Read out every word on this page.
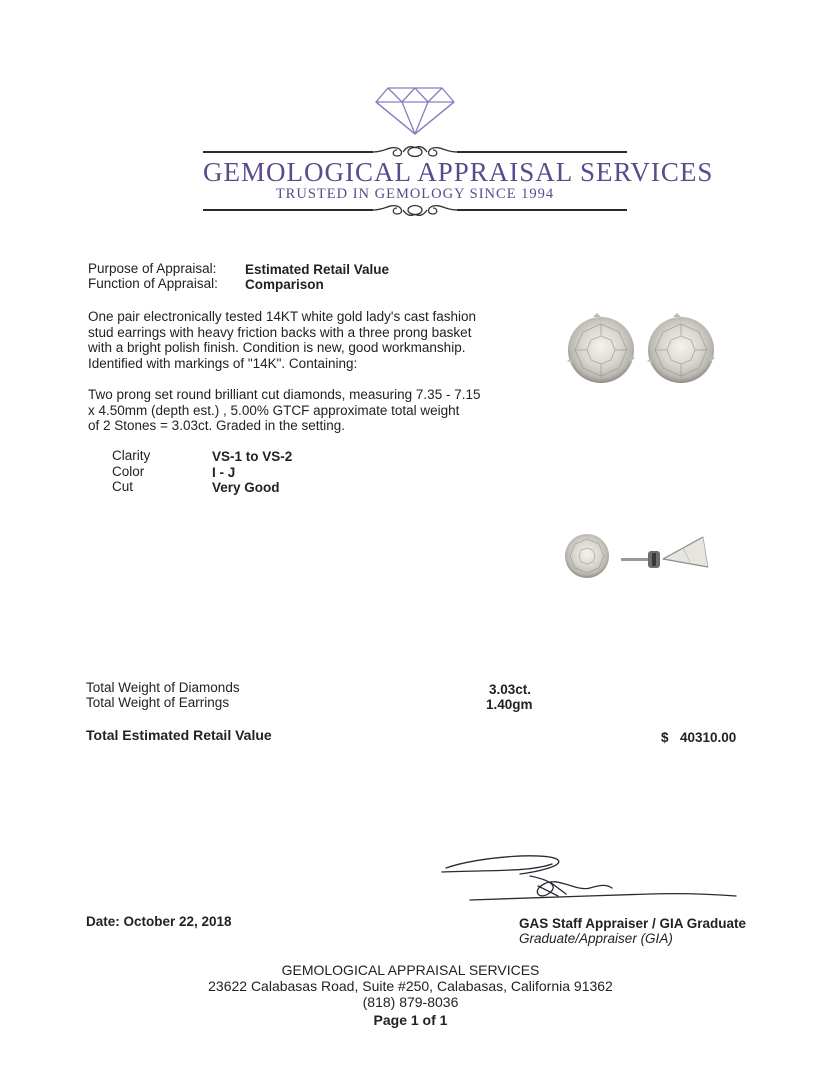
GEMOLOGICAL APPRAISAL SERVICES
TRUSTED IN GEMOLOGY SINCE 1994
Purpose of Appraisal: Estimated Retail Value
Function of Appraisal: Comparison
One pair electronically tested 14KT white gold lady's cast fashion
stud earrings with heavy friction backs with a three prong basket
with a bright polish finish. Condition is new, good workmanship.
Identified with markings of "14K". Containing:
Two prong set round brilliant cut diamonds, measuring 7.35 - 7.15
x 4.50mm (depth est.) , 5.00% GTCF approximate total weight
of 2 Stones = 3.03ct. Graded in the setting.
Clarity	VS-1 to VS-2
Color	I - J
Cut	Very Good
Total Weight of Diamonds	3.03ct.
Total Weight of Earrings	1.40gm
Total Estimated Retail Value	$ 40310.00
Date: October 22, 2018	GAS Staff Appraiser / GIA Graduate
Graduate/Appraiser (GIA)
GEMOLOGICAL APPRAISAL SERVICES
23622 Calabasas Road, Suite #250, Calabasas, California 91362
(818) 879-8036
Page 1 of 1
